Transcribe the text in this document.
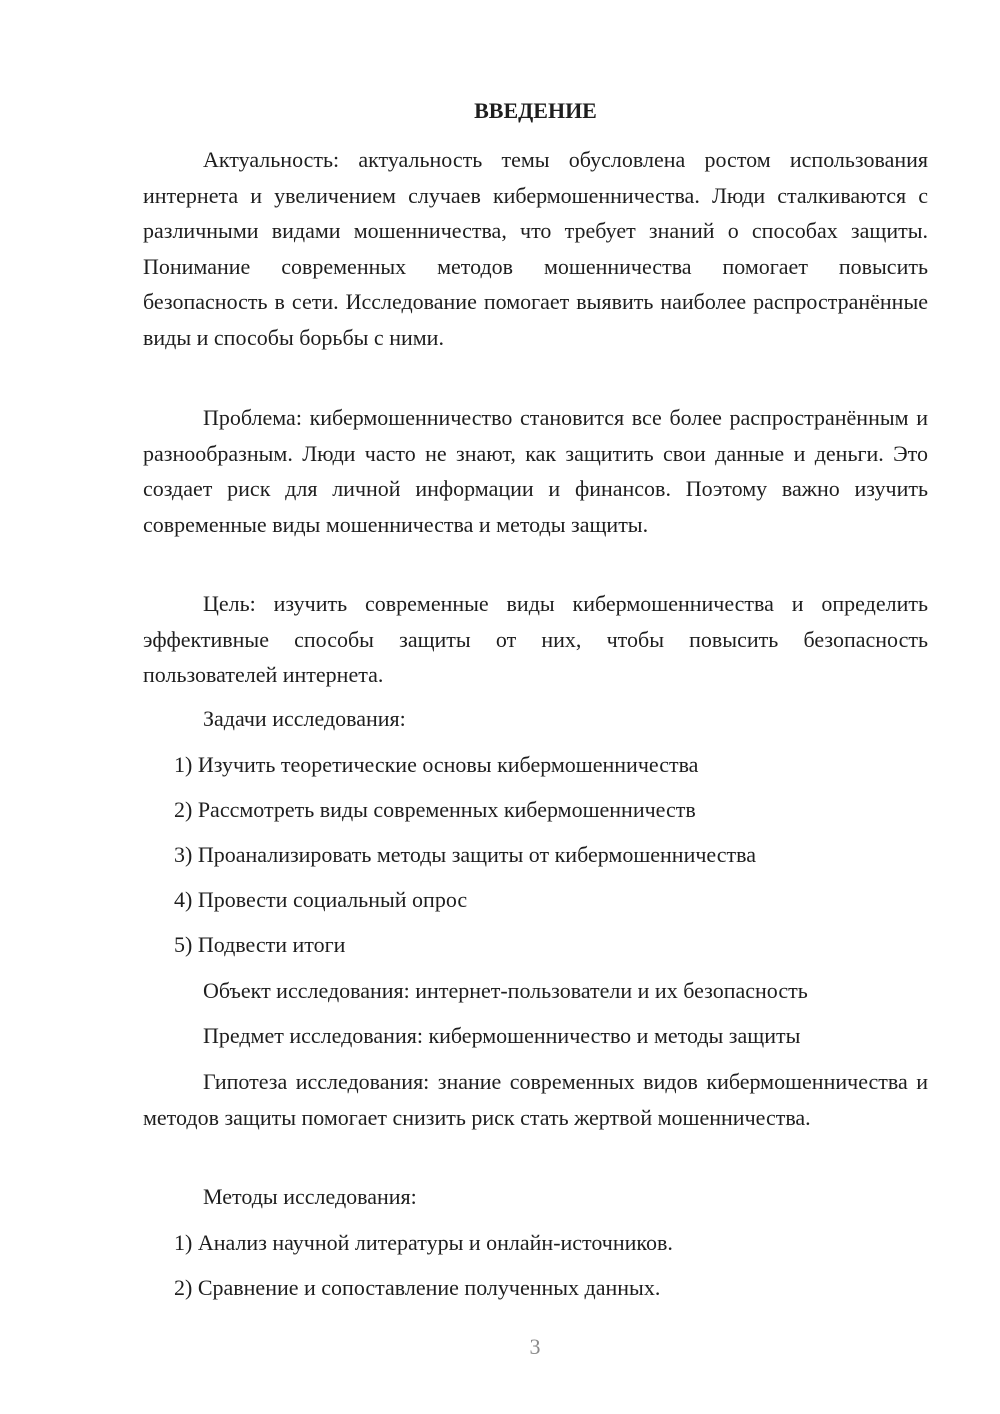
ВВЕДЕНИЕ

Актуальность: актуальность темы обусловлена ростом использования интернета и увеличением случаев кибермошенничества. Люди сталкиваются с различными видами мошенничества, что требует знаний о способах защиты. Понимание современных методов мошенничества помогает повысить безопасность в сети. Исследование помогает выявить наиболее распространённые виды и способы борьбы с ними.

Проблема: кибермошенничество становится все более распространённым и разнообразным. Люди часто не знают, как защитить свои данные и деньги. Это создает риск для личной информации и финансов. Поэтому важно изучить современные виды мошенничества и методы защиты.

Цель: изучить современные виды кибермошенничества и определить эффективные способы защиты от них, чтобы повысить безопасность пользователей интернета.

Задачи исследования:

1) Изучить теоретические основы кибермошенничества

2) Рассмотреть виды современных кибермошенничеств

3) Проанализировать методы защиты от кибермошенничества

4) Провести социальный опрос

5) Подвести итоги

Объект исследования: интернет-пользователи и их безопасность

Предмет исследования: кибермошенничество и методы защиты

Гипотеза исследования: знание современных видов кибермошенничества и методов защиты помогает снизить риск стать жертвой мошенничества.

Методы исследования:

1) Анализ научной литературы и онлайн-источников.

2) Сравнение и сопоставление полученных данных.

3
